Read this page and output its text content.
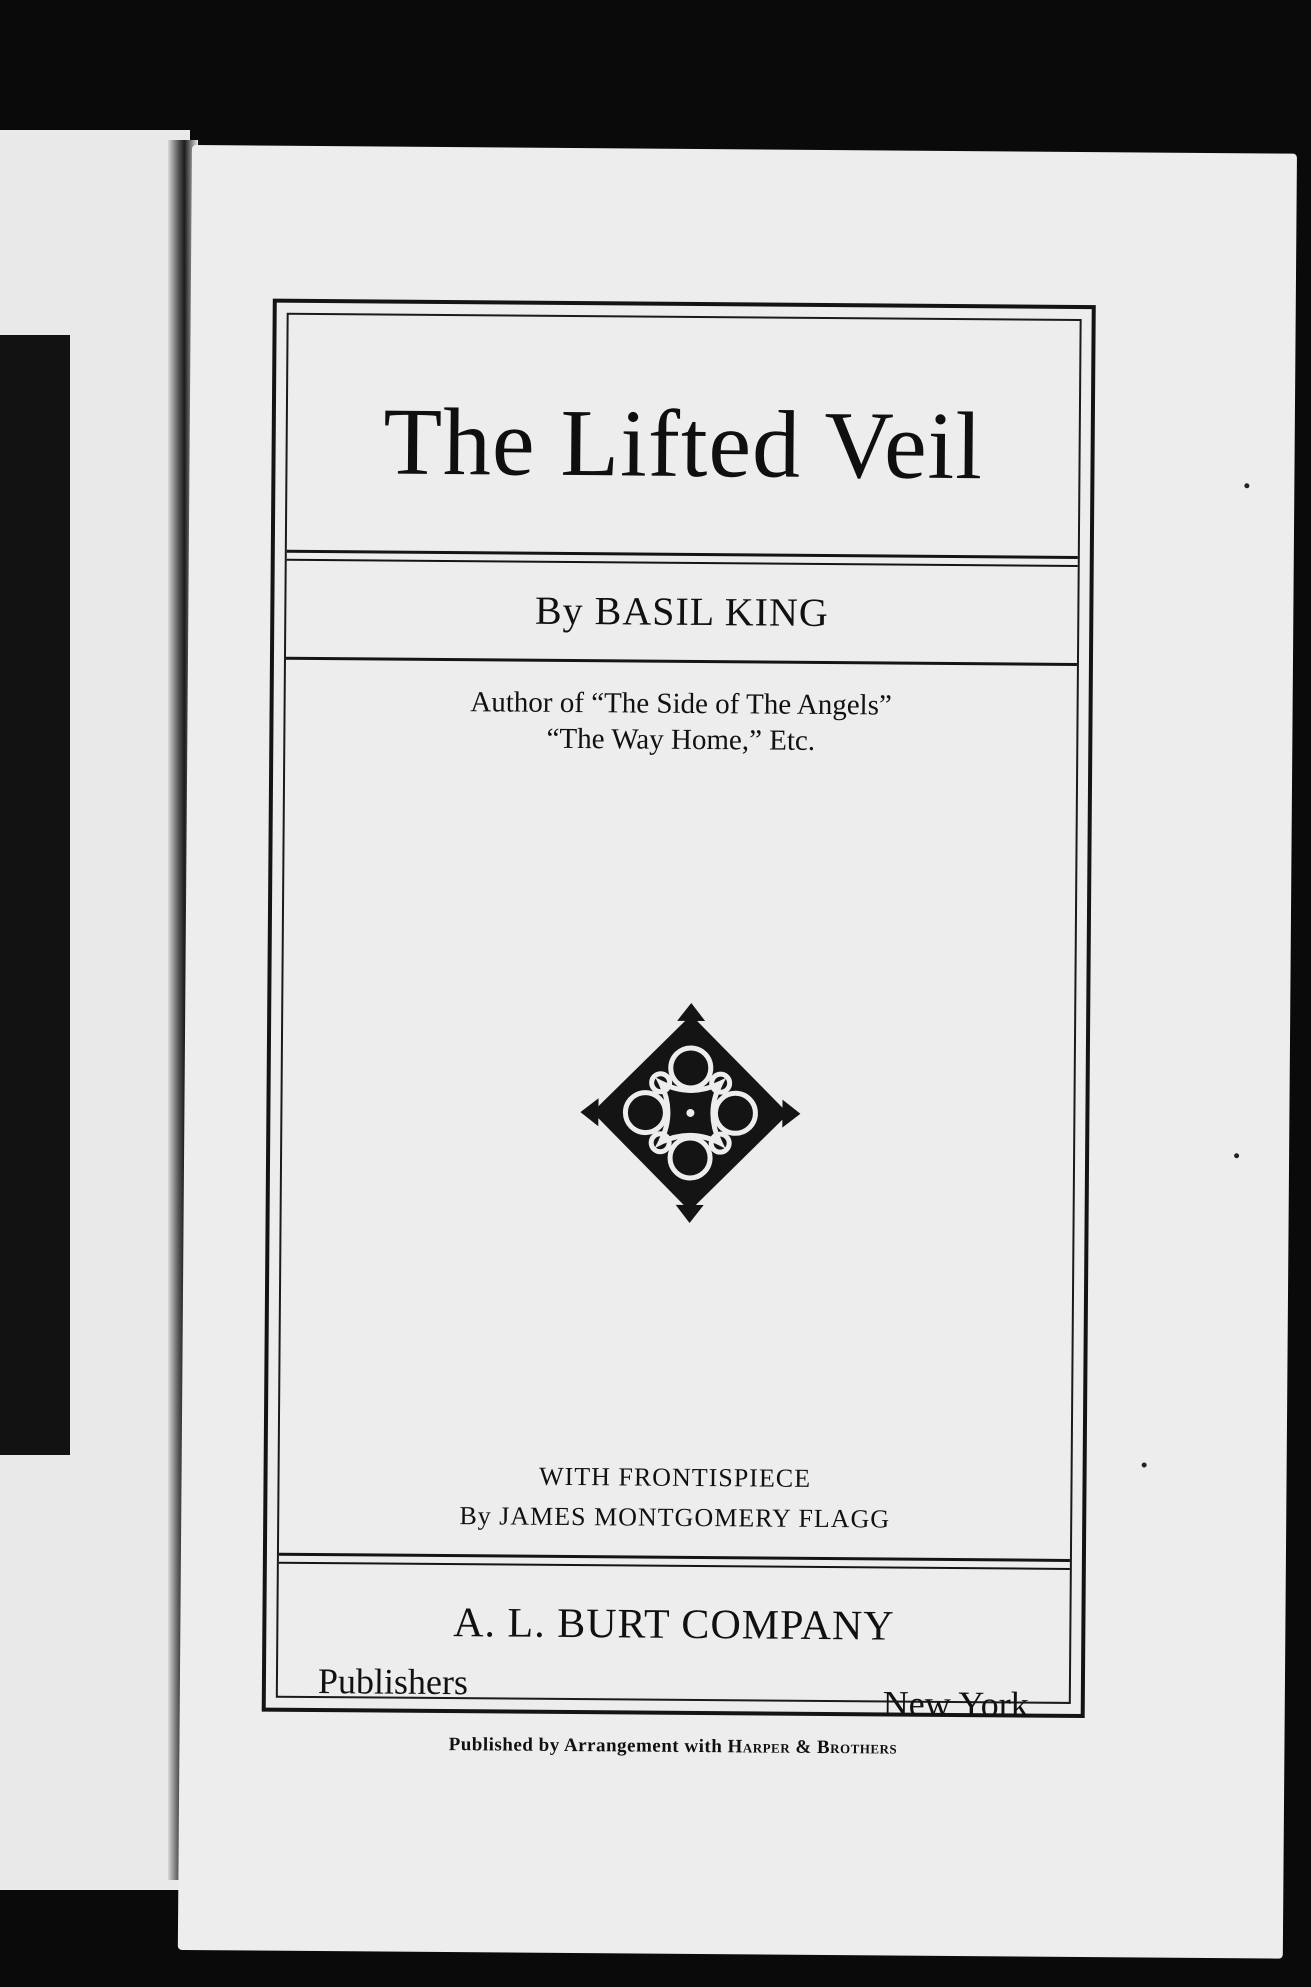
The Lifted Veil
By BASIL KING
Author of “The Side of The Angels”
“The Way Home,” Etc.
WITH FRONTISPIECE
By JAMES MONTGOMERY FLAGG
A. L. BURT COMPANY
Publishers
New York
Published by Arrangement with Harper & Brothers
